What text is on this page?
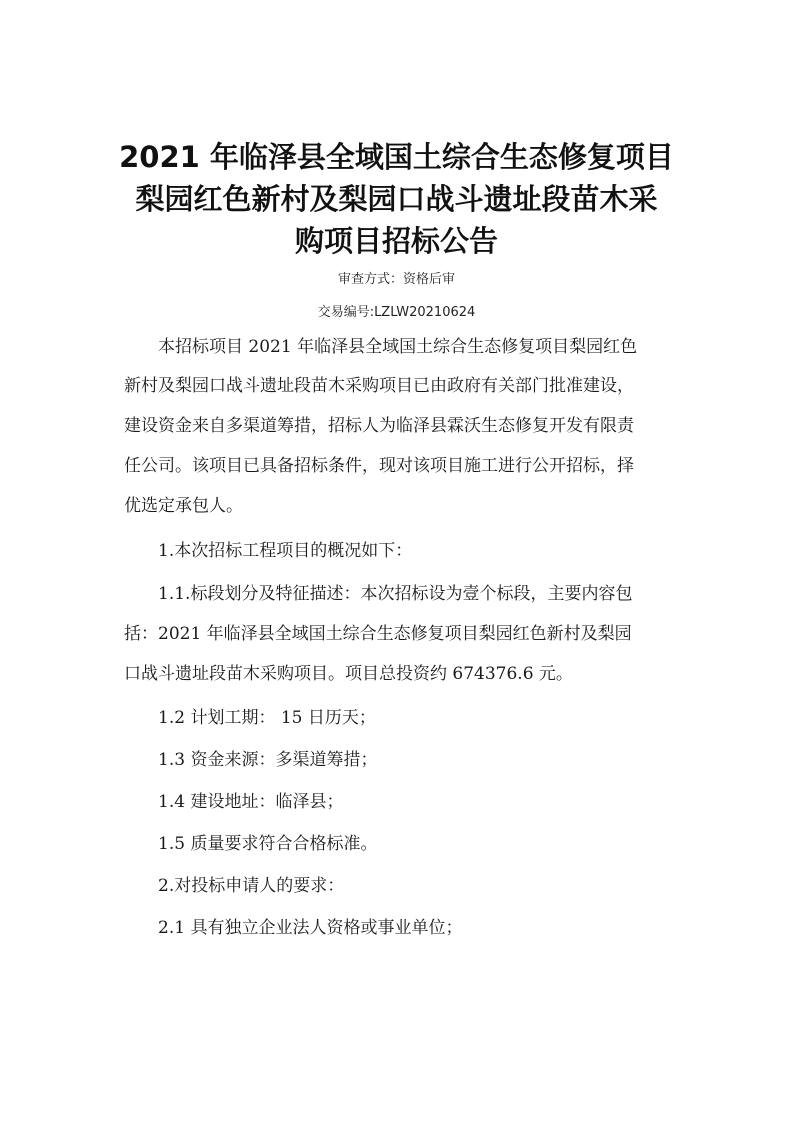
2021 年临泽县全域国土综合生态修复项目
梨园红色新村及梨园口战斗遗址段苗木采
购项目招标公告
审查方式：资格后审
交易编号:LZLW20210624
本招标项目 2021 年临泽县全域国土综合生态修复项目梨园红色
新村及梨园口战斗遗址段苗木采购项目已由政府有关部门批准建设，
建设资金来自多渠道筹措，招标人为临泽县霖沃生态修复开发有限责
任公司。该项目已具备招标条件，现对该项目施工进行公开招标，择
优选定承包人。
1.本次招标工程项目的概况如下：
1.1.标段划分及特征描述：本次招标设为壹个标段，主要内容包
括：2021 年临泽县全域国土综合生态修复项目梨园红色新村及梨园
口战斗遗址段苗木采购项目。项目总投资约 674376.6 元。
1.2 计划工期： 15 日历天；
1.3 资金来源：多渠道筹措；
1.4 建设地址：临泽县；
1.5 质量要求符合合格标准。
2.对投标申请人的要求：
2.1 具有独立企业法人资格或事业单位；
